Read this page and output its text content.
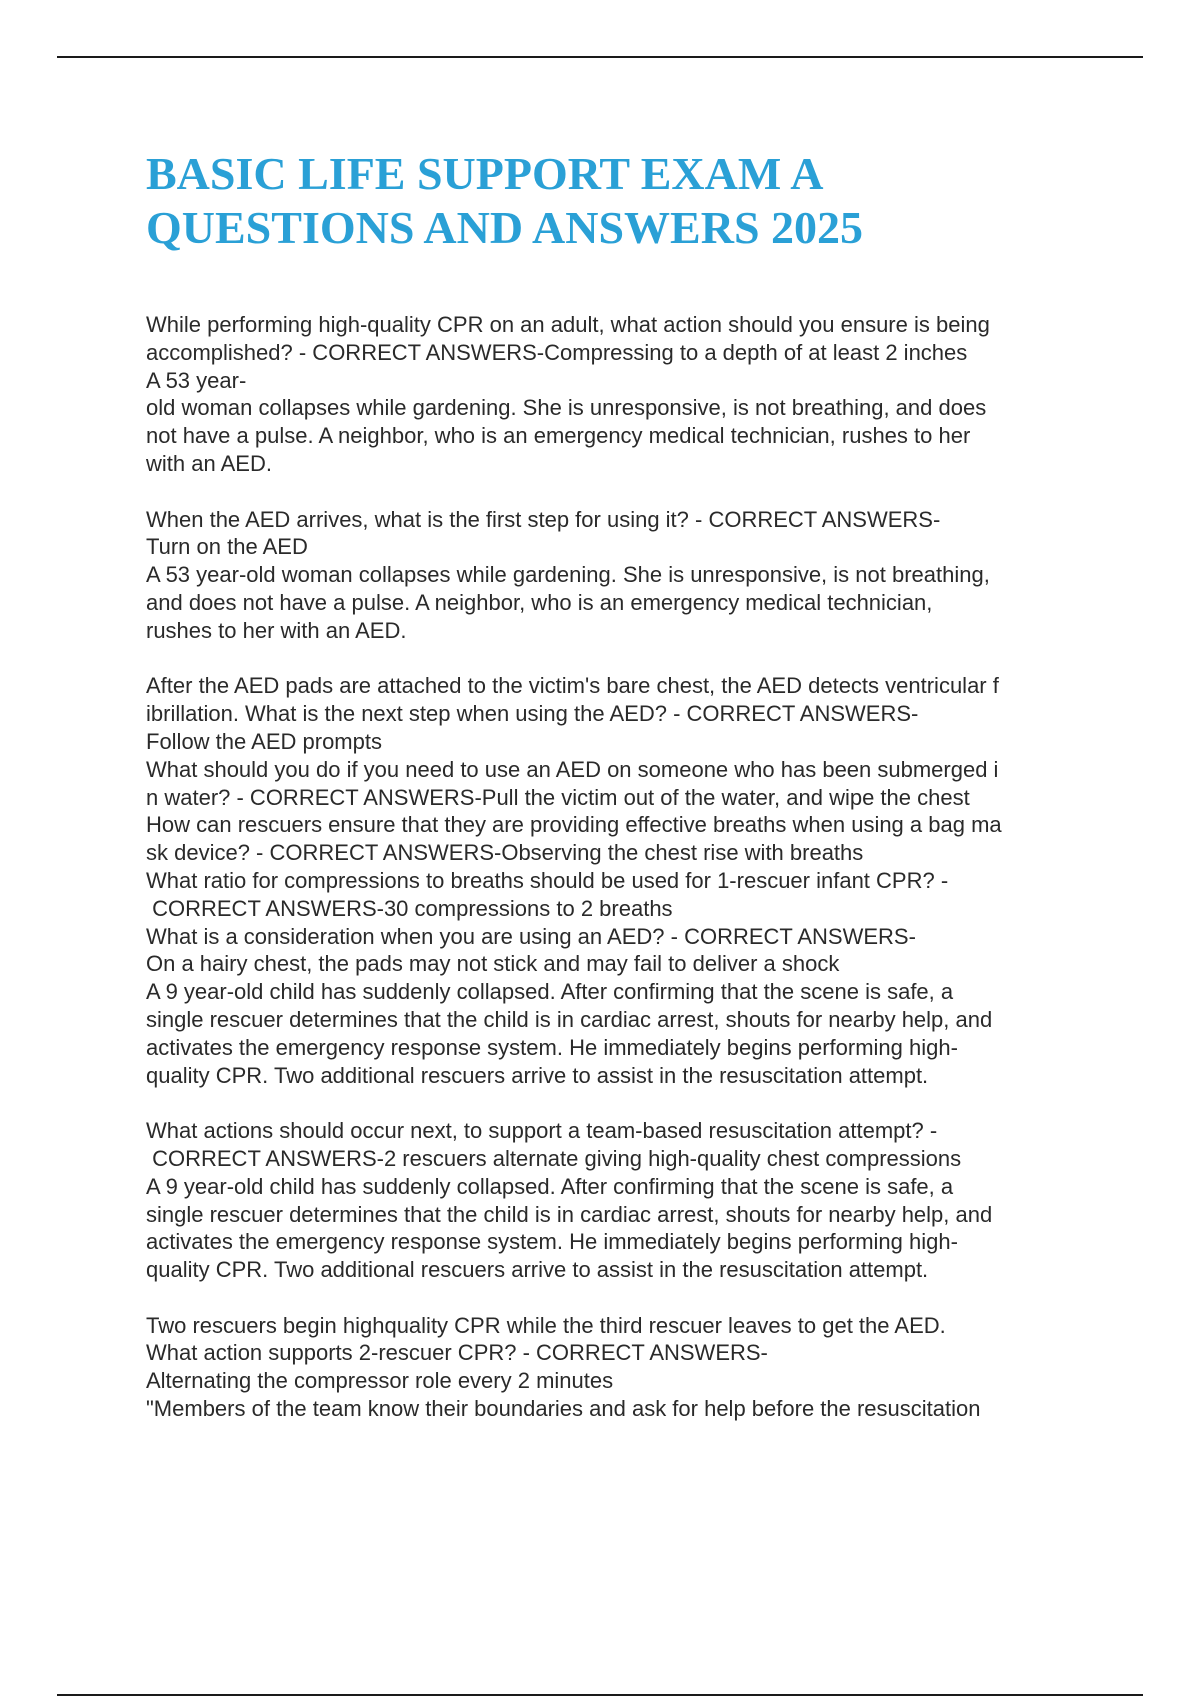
BASIC LIFE SUPPORT EXAM A
QUESTIONS AND ANSWERS 2025
While performing high-quality CPR on an adult, what action should you ensure is being
accomplished? - CORRECT ANSWERS-Compressing to a depth of at least 2 inches
A 53 year-
old woman collapses while gardening. She is unresponsive, is not breathing, and does
not have a pulse. A neighbor, who is an emergency medical technician, rushes to her
with an AED.
When the AED arrives, what is the first step for using it? - CORRECT ANSWERS-
Turn on the AED
A 53 year-old woman collapses while gardening. She is unresponsive, is not breathing,
and does not have a pulse. A neighbor, who is an emergency medical technician,
rushes to her with an AED.
After the AED pads are attached to the victim's bare chest, the AED detects ventricular f
ibrillation. What is the next step when using the AED? - CORRECT ANSWERS-
Follow the AED prompts
What should you do if you need to use an AED on someone who has been submerged i
n water? - CORRECT ANSWERS-Pull the victim out of the water, and wipe the chest
How can rescuers ensure that they are providing effective breaths when using a bag ma
sk device? - CORRECT ANSWERS-Observing the chest rise with breaths
What ratio for compressions to breaths should be used for 1-rescuer infant CPR? -
CORRECT ANSWERS-30 compressions to 2 breaths
What is a consideration when you are using an AED? - CORRECT ANSWERS-
On a hairy chest, the pads may not stick and may fail to deliver a shock
A 9 year-old child has suddenly collapsed. After confirming that the scene is safe, a
single rescuer determines that the child is in cardiac arrest, shouts for nearby help, and
activates the emergency response system. He immediately begins performing high-
quality CPR. Two additional rescuers arrive to assist in the resuscitation attempt.
What actions should occur next, to support a team-based resuscitation attempt? -
CORRECT ANSWERS-2 rescuers alternate giving high-quality chest compressions
A 9 year-old child has suddenly collapsed. After confirming that the scene is safe, a
single rescuer determines that the child is in cardiac arrest, shouts for nearby help, and
activates the emergency response system. He immediately begins performing high-
quality CPR. Two additional rescuers arrive to assist in the resuscitation attempt.
Two rescuers begin highquality CPR while the third rescuer leaves to get the AED.
What action supports 2-rescuer CPR? - CORRECT ANSWERS-
Alternating the compressor role every 2 minutes
"Members of the team know their boundaries and ask for help before the resuscitation
